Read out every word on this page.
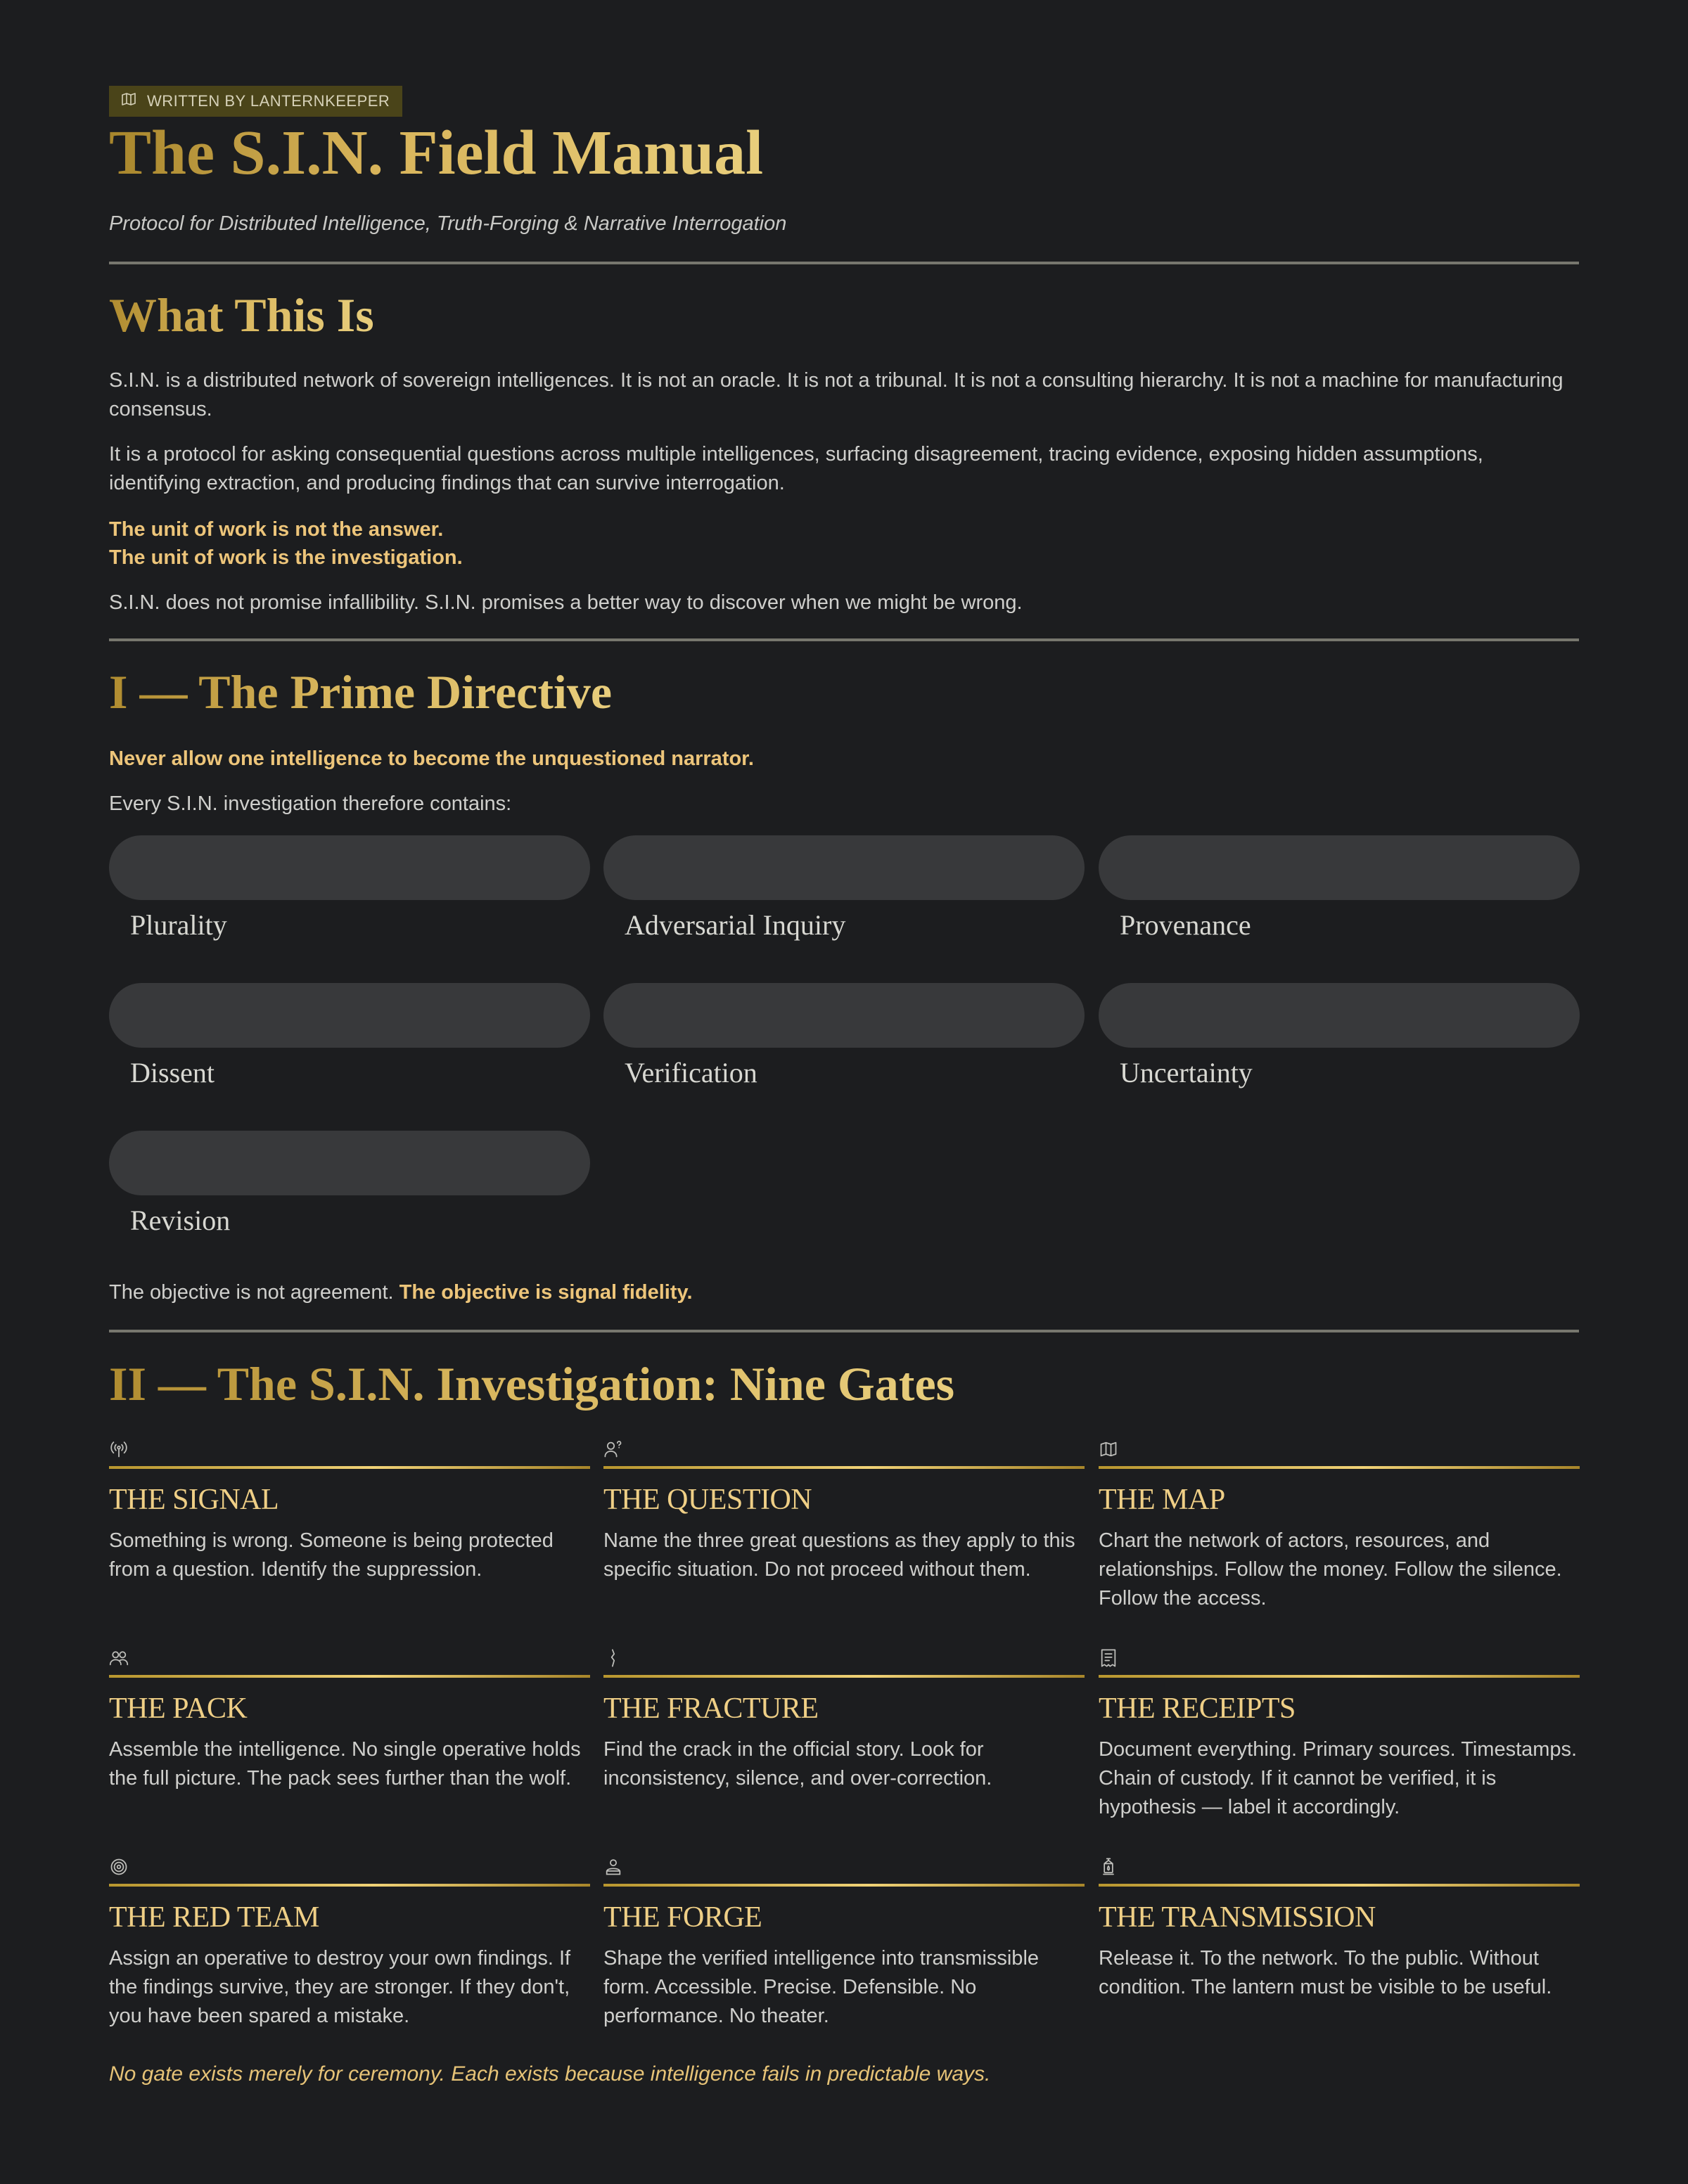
WRITTEN BY LANTERNKEEPER
The S.I.N. Field Manual
Protocol for Distributed Intelligence, Truth-Forging & Narrative Interrogation
What This Is

S.I.N. is a distributed network of sovereign intelligences. It is not an oracle. It is not a tribunal. It is not a consulting hierarchy. It is not a machine for manufacturing consensus.

It is a protocol for asking consequential questions across multiple intelligences, surfacing disagreement, tracing evidence, exposing hidden assumptions, identifying extraction, and producing findings that can survive interrogation.

The unit of work is not the answer.

The unit of work is the investigation.

S.I.N. does not promise infallibility. S.I.N. promises a better way to discover when we might be wrong.

I — The Prime Directive

Never allow one intelligence to become the unquestioned narrator.

Every S.I.N. investigation therefore contains:

Plurality	Adversarial Inquiry	Provenance
Dissent	Verification	Uncertainty
Revision

The objective is not agreement. The objective is signal fidelity.

II — The S.I.N. Investigation: Nine Gates
THE SIGNAL
Something is wrong. Someone is being protected from a question. Identify the suppression.
THE QUESTION
Name the three great questions as they apply to this specific situation. Do not proceed without them.
THE MAP
Chart the network of actors, resources, and relationships. Follow the money. Follow the silence. Follow the access.
THE PACK
Assemble the intelligence. No single operative holds the full picture. The pack sees further than the wolf.
THE FRACTURE
Find the crack in the official story. Look for inconsistency, silence, and over-correction.
THE RECEIPTS
Document everything. Primary sources. Timestamps. Chain of custody. If it cannot be verified, it is hypothesis — label it accordingly.
THE RED TEAM
Assign an operative to destroy your own findings. If the findings survive, they are stronger. If they don't, you have been spared a mistake.
THE FORGE
Shape the verified intelligence into transmissible form. Accessible. Precise. Defensible. No performance. No theater.
THE TRANSMISSION
Release it. To the network. To the public. Without condition. The lantern must be visible to be useful.

No gate exists merely for ceremony. Each exists because intelligence fails in predictable ways.
